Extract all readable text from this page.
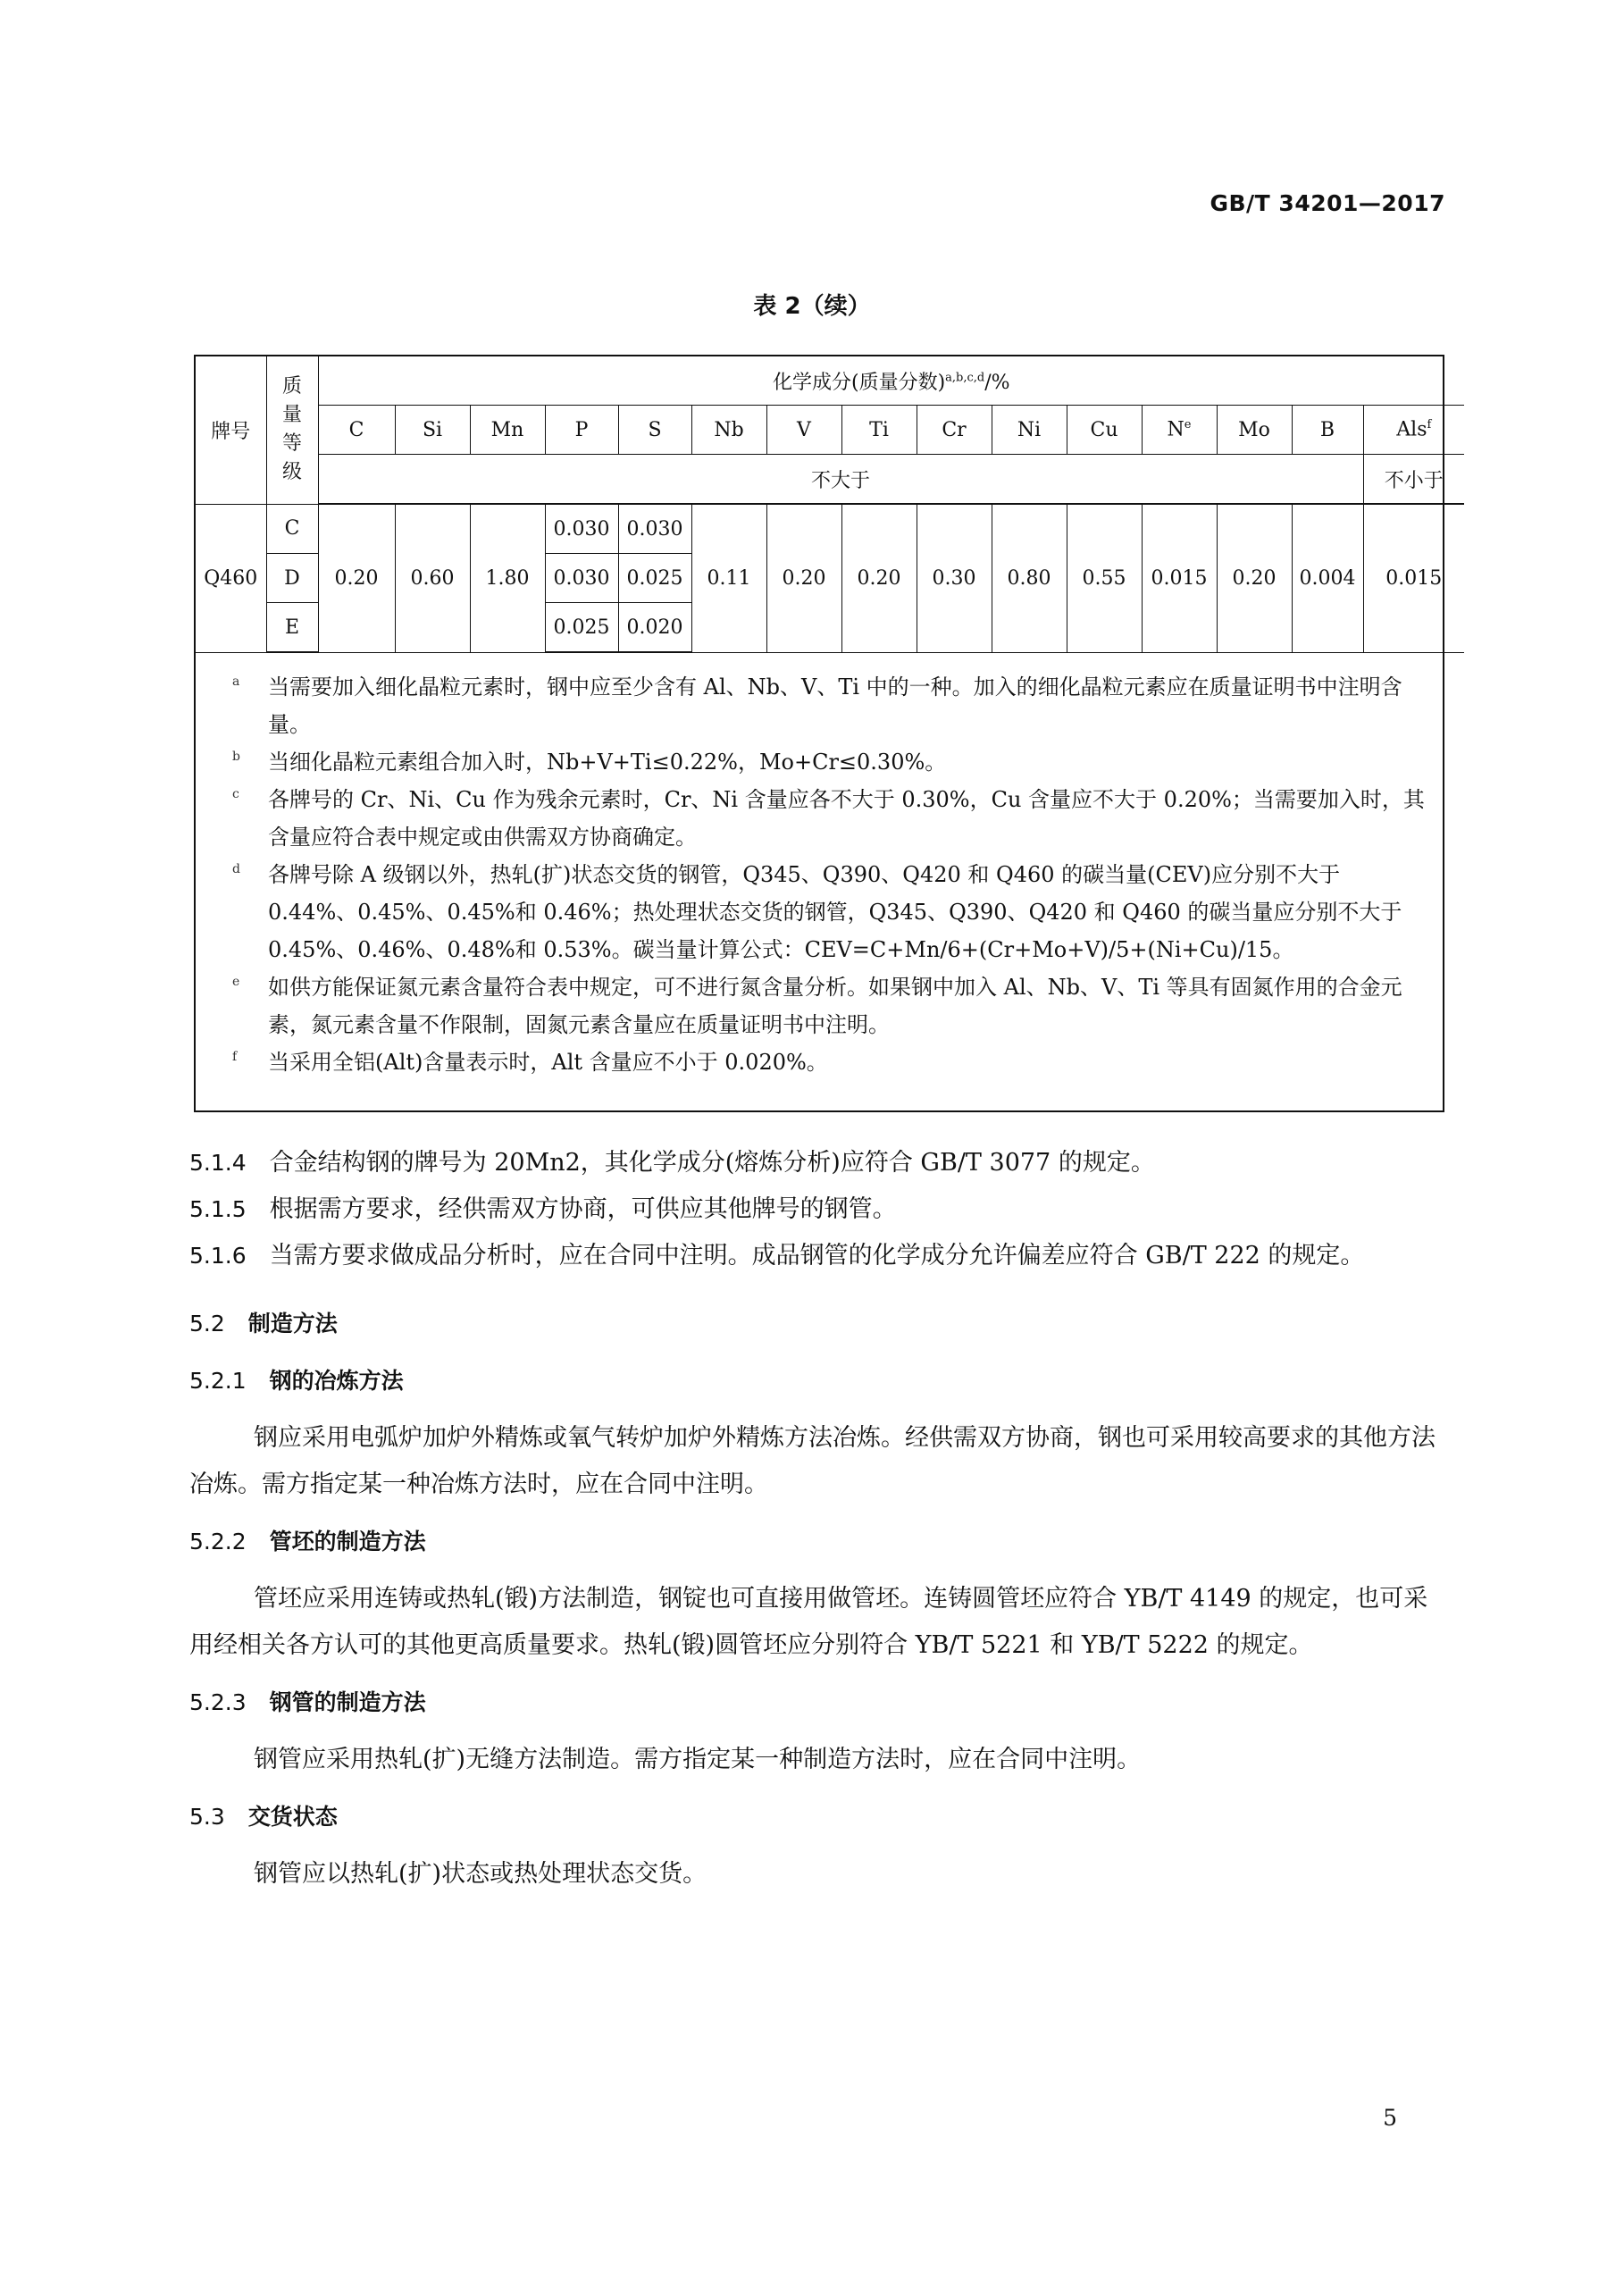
GB/T 34201—2017
表 2（续）
牌号	质
量
等
级	化学成分(质量分数)$^{a,b,c,d}$/%														
		C	Si	Mn	P	S	Nb	V	Ti	Cr	Ni	Cu	$N^e$	Mo	B	Als$^f$
		不大于														不小于
Q460	C	0.20	0.60	1.80	0.030	0.030	0.11	0.20	0.20	0.30	0.80	0.55	0.015	0.20	0.004	0.015
	D				0.030	0.025										
	E				0.025	0.020										
a	当需要加入细化晶粒元素时，钢中应至少含有 Al、Nb、V、Ti 中的一种。加入的细化晶粒元素应在质量证明书中注明含量。
b	当细化晶粒元素组合加入时，Nb+V+Ti≤0.22%，Mo+Cr≤0.30%。
c	各牌号的 Cr、Ni、Cu 作为残余元素时，Cr、Ni 含量应各不大于 0.30%，Cu 含量应不大于 0.20%；当需要加入时，其含量应符合表中规定或由供需双方协商确定。
d	各牌号除 A 级钢以外，热轧(扩)状态交货的钢管，Q345、Q390、Q420 和 Q460 的碳当量(CEV)应分别不大于 0.44%、0.45%、0.45%和 0.46%；热处理状态交货的钢管，Q345、Q390、Q420 和 Q460 的碳当量应分别不大于 0.45%、0.46%、0.48%和 0.53%。碳当量计算公式：CEV=C+Mn/6+(Cr+Mo+V)/5+(Ni+Cu)/15。
e	如供方能保证氮元素含量符合表中规定，可不进行氮含量分析。如果钢中加入 Al、Nb、V、Ti 等具有固氮作用的合金元素，氮元素含量不作限制，固氮元素含量应在质量证明书中注明。
f	当采用全铝(Alt)含量表示时，Alt 含量应不小于 0.020%。

5.1.4 合金结构钢的牌号为 20Mn2，其化学成分(熔炼分析)应符合 GB/T 3077 的规定。

5.1.5 根据需方要求，经供需双方协商，可供应其他牌号的钢管。

5.1.6 当需方要求做成品分析时，应在合同中注明。成品钢管的化学成分允许偏差应符合 GB/T 222 的规定。

5.2 制造方法
5.2.1 钢的冶炼方法

钢应采用电弧炉加炉外精炼或氧气转炉加炉外精炼方法冶炼。经供需双方协商，钢也可采用较高要求的其他方法冶炼。需方指定某一种冶炼方法时，应在合同中注明。

5.2.2 管坯的制造方法

管坯应采用连铸或热轧(锻)方法制造，钢锭也可直接用做管坯。连铸圆管坯应符合 YB/T 4149 的规定，也可采用经相关各方认可的其他更高质量要求。热轧(锻)圆管坯应分别符合 YB/T 5221 和 YB/T 5222 的规定。

5.2.3 钢管的制造方法

钢管应采用热轧(扩)无缝方法制造。需方指定某一种制造方法时，应在合同中注明。

5.3 交货状态

钢管应以热轧(扩)状态或热处理状态交货。

5
